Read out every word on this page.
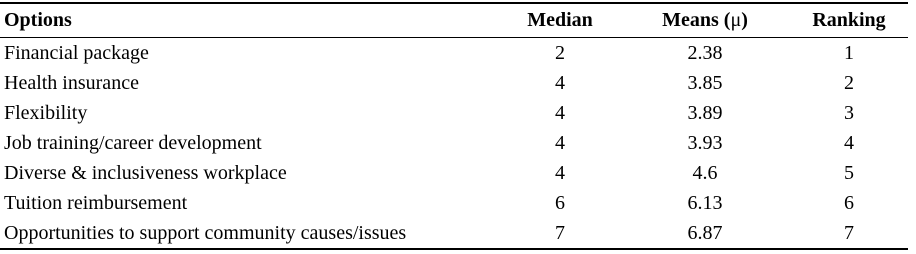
Options	Median	Means (μ)	Ranking
Financial package	2	2.38	1
Health insurance	4	3.85	2
Flexibility	4	3.89	3
Job training/career development	4	3.93	4
Diverse & inclusiveness workplace	4	4.6	5
Tuition reimbursement	6	6.13	6
Opportunities to support community causes/issues	7	6.87	7
